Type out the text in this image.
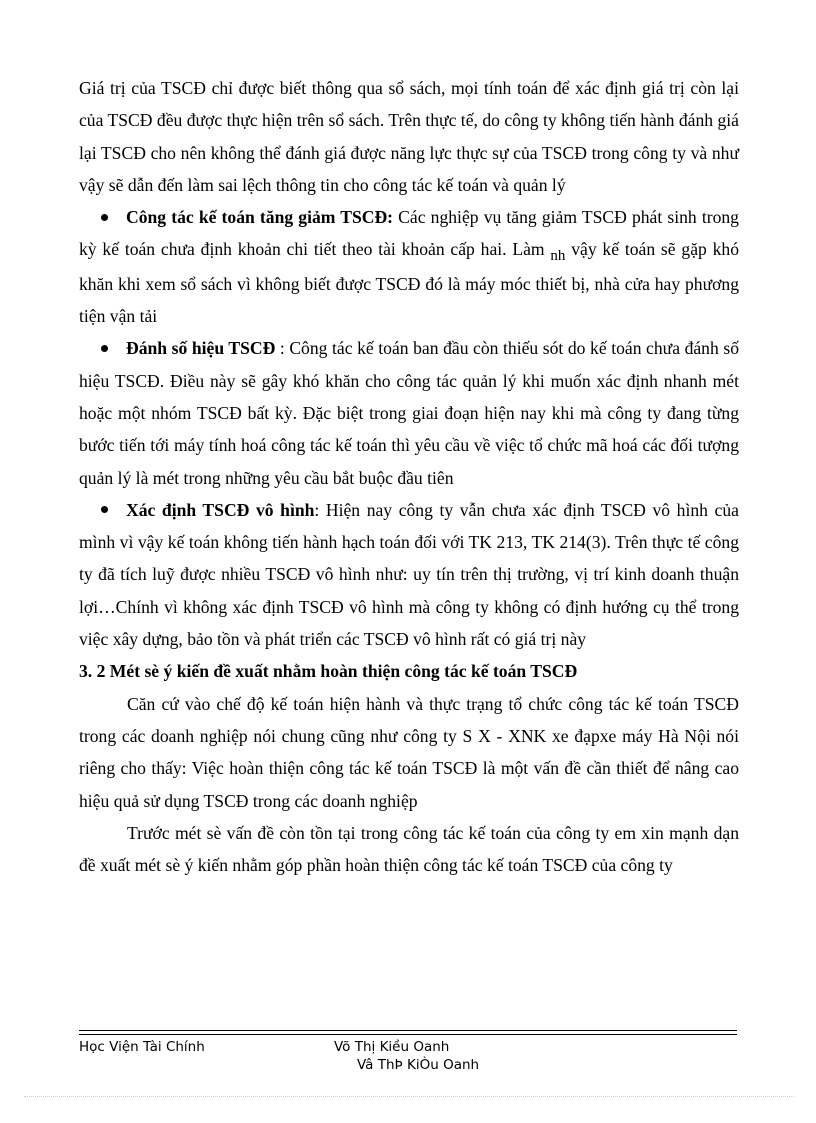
Giá trị của TSCĐ chỉ được biết thông qua sổ sách, mọi tính toán để xác định giá trị còn lại của TSCĐ đều được thực hiện trên sổ sách. Trên thực tế, do công ty không tiến hành đánh giá lại TSCĐ cho nên không thể đánh giá được năng lực thực sự của TSCĐ trong công ty và như vậy sẽ dẫn đến làm sai lệch thông tin cho công tác kế toán và quản lý

Công tác kế toán tăng giảm TSCĐ: Các nghiệp vụ tăng giảm TSCĐ phát sinh trong kỳ kế toán chưa định khoản chi tiết theo tài khoản cấp hai. Làm nh vậy kế toán sẽ gặp khó khăn khi xem sổ sách vì không biết được TSCĐ đó là máy móc thiết bị, nhà cửa hay phương tiện vận tải

Đánh số hiệu TSCĐ : Công tác kế toán ban đầu còn thiếu sót do kế toán chưa đánh số hiệu TSCĐ. Điều này sẽ gây khó khăn cho công tác quản lý khi muốn xác định nhanh mét hoặc một nhóm TSCĐ bất kỳ. Đặc biệt trong giai đoạn hiện nay khi mà công ty đang từng bước tiến tới máy tính hoá công tác kế toán thì yêu cầu về việc tổ chức mã hoá các đối tượng quản lý là mét trong những yêu cầu bắt buộc đầu tiên

Xác định TSCĐ vô hình: Hiện nay công ty vẫn chưa xác định TSCĐ vô hình của mình vì vậy kế toán không tiến hành hạch toán đối với TK 213, TK 214(3). Trên thực tế công ty đã tích luỹ được nhiều TSCĐ vô hình như: uy tín trên thị trường, vị trí kinh doanh thuận lợi…Chính vì không xác định TSCĐ vô hình mà công ty không có định hướng cụ thể trong việc xây dựng, bảo tồn và phát triển các TSCĐ vô hình rất có giá trị này

3. 2 Mét sè ý kiến đề xuất nhằm hoàn thiện công tác kế toán TSCĐ

Căn cứ vào chế độ kế toán hiện hành và thực trạng tổ chức công tác kế toán TSCĐ trong các doanh nghiệp nói chung cũng như công ty S X - XNK xe đạpxe máy Hà Nội nói riêng cho thấy: Việc hoàn thiện công tác kế toán TSCĐ là một vấn đề cần thiết để nâng cao hiệu quả sử dụng TSCĐ trong các doanh nghiệp

Trước mét sè vấn đề còn tồn tại trong công tác kế toán của công ty em xin mạnh dạn đề xuất mét sè ý kiến nhằm góp phần hoàn thiện công tác kế toán TSCĐ của công ty

Học Viện Tài Chính	Võ Thị Kiều Oanh
Vâ ThÞ KiÒu Oanh
